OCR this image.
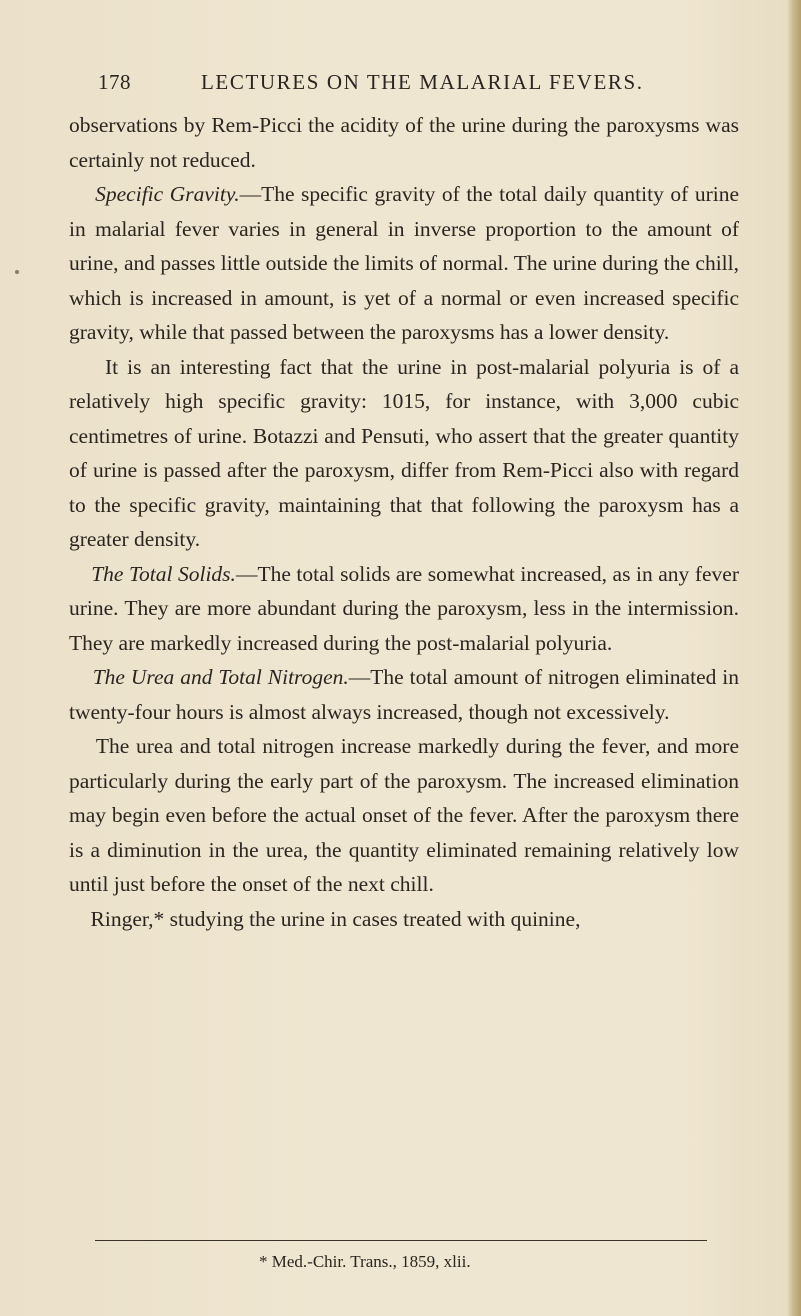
178	LECTURES ON THE MALARIAL FEVERS.

observations by Rem-Picci the acidity of the urine during the paroxysms was certainly not reduced.

Specific Gravity.—The specific gravity of the total daily quantity of urine in malarial fever varies in general in inverse proportion to the amount of urine, and passes little outside the limits of normal. The urine during the chill, which is increased in amount, is yet of a normal or even increased specific gravity, while that passed between the paroxysms has a lower density.

It is an interesting fact that the urine in post-malarial polyuria is of a relatively high specific gravity: 1015, for instance, with 3,000 cubic centimetres of urine. Botazzi and Pensuti, who assert that the greater quantity of urine is passed after the paroxysm, differ from Rem-Picci also with regard to the specific gravity, maintaining that that following the paroxysm has a greater density.

The Total Solids.—The total solids are somewhat increased, as in any fever urine. They are more abundant during the paroxysm, less in the intermission. They are markedly increased during the post-malarial polyuria.

The Urea and Total Nitrogen.—The total amount of nitrogen eliminated in twenty-four hours is almost always increased, though not excessively.

The urea and total nitrogen increase markedly during the fever, and more particularly during the early part of the paroxysm. The increased elimination may begin even before the actual onset of the fever. After the paroxysm there is a diminution in the urea, the quantity eliminated remaining relatively low until just before the onset of the next chill.

Ringer,* studying the urine in cases treated with quinine,

* Med.-Chir. Trans., 1859, xlii.
